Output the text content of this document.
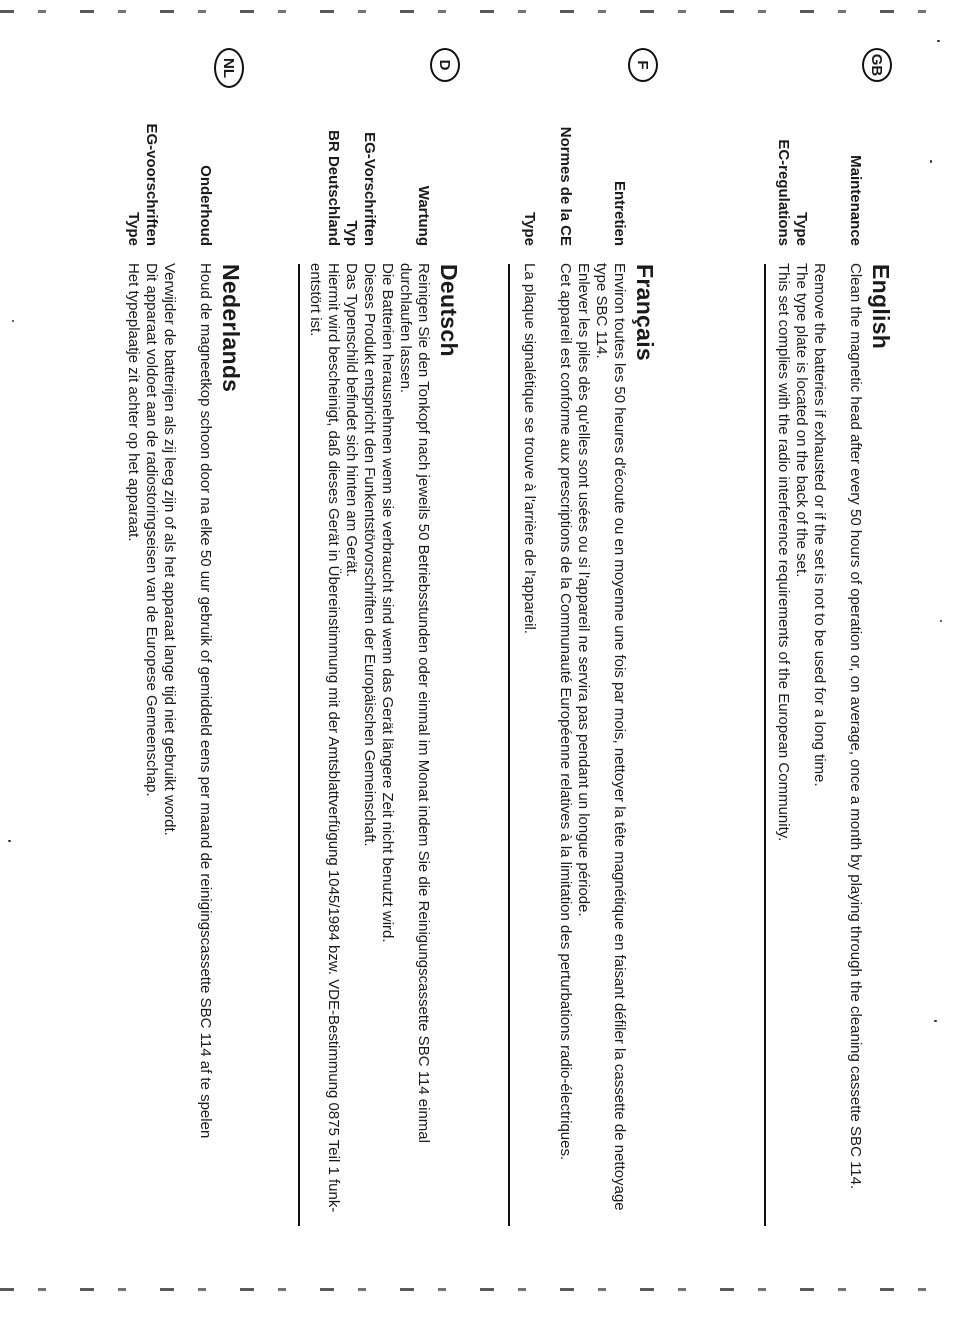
GB
English
Maintenance
Clean the magnetic head after every 50 hours of operation or, on average, once a month by playing through the cleaning cassette SBC 114.
Remove the batteries if exhausted or if the set is not to be used for a long time.
Type
The type plate is located on the back of the set.
EC-regulations
This set complies with the radio interference requirements of the European Community.
F
Français
Entretien
Environ toutes les 50 heures d'écoute ou en moyenne une fois par mois, nettoyer la tête magnétique en faisant défiler la cassette de nettoyage type SBC 114.
Enlever les piles dès qu'elles sont usées ou si l'appareil ne servira pas pendant un longue période.
Normes de la CE
Cet appareil est conforme aux prescriptions de la Communauté Européenne relatives à la limitation des perturbations radio-électriques.
Type
La plaque signalétique se trouve à l'arrière de l'appareil.
D
Deutsch
Wartung
Reinigen Sie den Tonkopf nach jeweils 50 Betriebsstunden oder einmal im Monat indem Sie die Reinigungscassette SBC 114 einmal durchlaufen lassen.
Die Batterien herausnehmen wenn sie verbraucht sind wenn das Gerät längere Zeit nicht benutzt wird.
EG-Vorschriften
Dieses Produkt entspricht den Funkentstörvorschriften der Europäischen Gemeinschaft.
Typ
Das Typenschild befindet sich hinten am Gerät.
BR Deutschland
Hiermit wird bescheinigt, daß dieses Gerät in Übereinstimmung mit der Amtsblattverfügung 1045/1984 bzw. VDE-Bestimmung 0875 Teil 1 funk-entstört ist.
NL
Nederlands
Onderhoud
Houd de magneetkop schoon door na elke 50 uur gebruik of gemiddeld eens per maand de reinigingscassette SBC 114 af te spelen
Verwijder de batterijen als zij leeg zijn of als het apparaat lange tijd niet gebruikt wordt.
EG-voorschriften
Dit apparaat voldoet aan de radiostoringseisen van de Europese Gemeenschap.
Type
Het typeplaatje zit achter op het apparaat.
